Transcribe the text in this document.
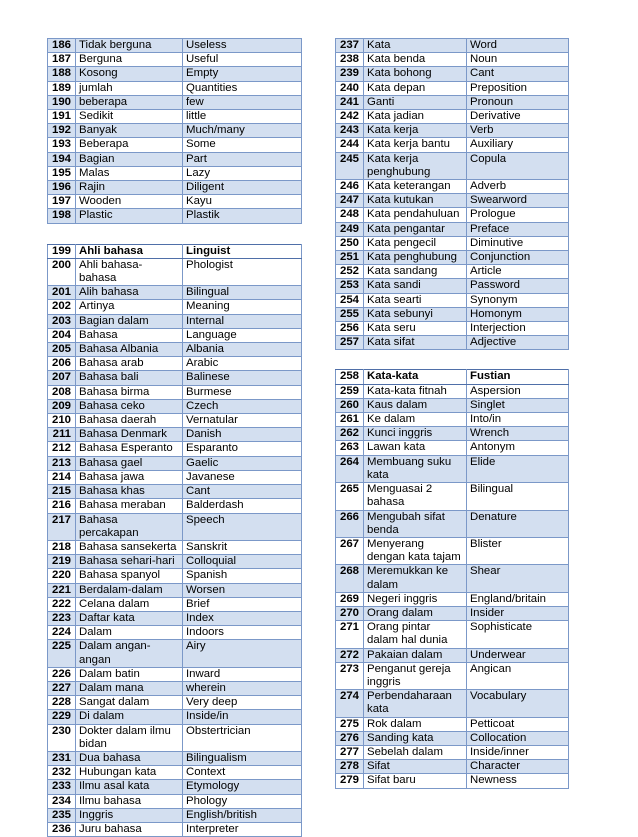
186	Tidak berguna	Useless
187	Berguna	Useful
188	Kosong	Empty
189	jumlah	Quantities
190	beberapa	few
191	Sedikit	little
192	Banyak	Much/many
193	Beberapa	Some
194	Bagian	Part
195	Malas	Lazy
196	Rajin	Diligent
197	Wooden	Kayu
198	Plastic	Plastik
199	Ahli bahasa	Linguist
200	Ahli bahasa-bahasa	Phologist
201	Alih bahasa	Bilingual
202	Artinya	Meaning
203	Bagian dalam	Internal
204	Bahasa	Language
205	Bahasa Albania	Albania
206	Bahasa arab	Arabic
207	Bahasa bali	Balinese
208	Bahasa birma	Burmese
209	Bahasa ceko	Czech
210	Bahasa daerah	Vernatular
211	Bahasa Denmark	Danish
212	Bahasa Esperanto	Esparanto
213	Bahasa gael	Gaelic
214	Bahasa jawa	Javanese
215	Bahasa khas	Cant
216	Bahasa meraban	Balderdash
217	Bahasa percakapan	Speech
218	Bahasa sansekerta	Sanskrit
219	Bahasa sehari-hari	Colloquial
220	Bahasa spanyol	Spanish
221	Berdalam-dalam	Worsen
222	Celana dalam	Brief
223	Daftar kata	Index
224	Dalam	Indoors
225	Dalam angan-angan	Airy
226	Dalam batin	Inward
227	Dalam mana	wherein
228	Sangat dalam	Very deep
229	Di dalam	Inside/in
230	Dokter dalam ilmu bidan	Obstertrician
231	Dua bahasa	Bilingualism
232	Hubungan kata	Context
233	Ilmu asal kata	Etymology
234	Ilmu bahasa	Phology
235	Inggris	English/british
236	Juru bahasa	Interpreter
237	Kata	Word
238	Kata benda	Noun
239	Kata bohong	Cant
240	Kata depan	Preposition
241	Ganti	Pronoun
242	Kata jadian	Derivative
243	Kata kerja	Verb
244	Kata kerja bantu	Auxiliary
245	Kata kerja penghubung	Copula
246	Kata keterangan	Adverb
247	Kata kutukan	Swearword
248	Kata pendahuluan	Prologue
249	Kata pengantar	Preface
250	Kata pengecil	Diminutive
251	Kata penghubung	Conjunction
252	Kata sandang	Article
253	Kata sandi	Password
254	Kata searti	Synonym
255	Kata sebunyi	Homonym
256	Kata seru	Interjection
257	Kata sifat	Adjective
258	Kata-kata	Fustian
259	Kata-kata fitnah	Aspersion
260	Kaus dalam	Singlet
261	Ke dalam	Into/in
262	Kunci inggris	Wrench
263	Lawan kata	Antonym
264	Membuang suku kata	Elide
265	Menguasai 2 bahasa	Bilingual
266	Mengubah sifat benda	Denature
267	Menyerang dengan kata tajam	Blister
268	Meremukkan ke dalam	Shear
269	Negeri inggris	England/britain
270	Orang dalam	Insider
271	Orang pintar dalam hal dunia	Sophisticate
272	Pakaian dalam	Underwear
273	Penganut gereja inggris	Angican
274	Perbendaharaan kata	Vocabulary
275	Rok dalam	Petticoat
276	Sanding kata	Collocation
277	Sebelah dalam	Inside/inner
278	Sifat	Character
279	Sifat baru	Newness
